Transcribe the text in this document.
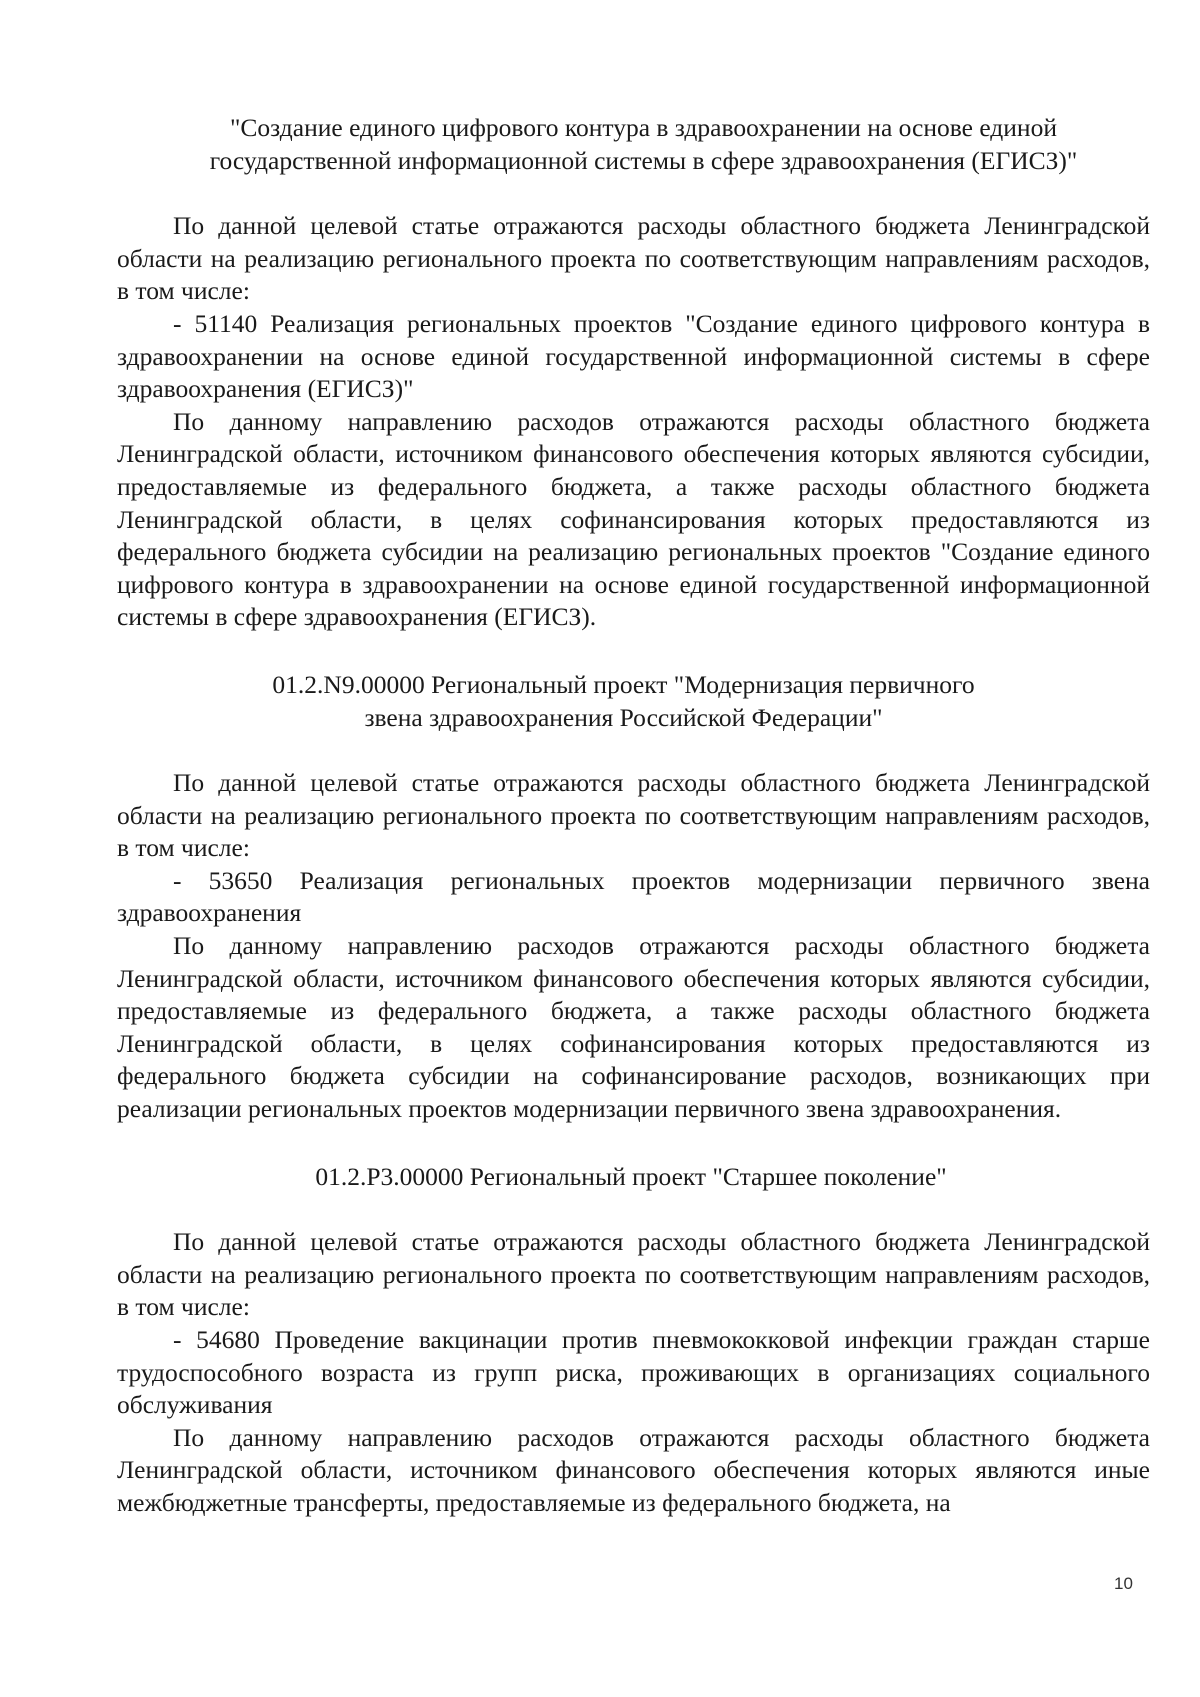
"Создание единого цифрового контура в здравоохранении на основе единой государственной информационной системы в сфере здравоохранения (ЕГИСЗ)"

По данной целевой статье отражаются расходы областного бюджета Ленинградской области на реализацию регионального проекта по соответствующим направлениям расходов, в том числе:

- 51140 Реализация региональных проектов "Создание единого цифрового контура в здравоохранении на основе единой государственной информационной системы в сфере здравоохранения (ЕГИСЗ)"

По данному направлению расходов отражаются расходы областного бюджета Ленинградской области, источником финансового обеспечения которых являются субсидии, предоставляемые из федерального бюджета, а также расходы областного бюджета Ленинградской области, в целях софинансирования которых предоставляются из федерального бюджета субсидии на реализацию региональных проектов "Создание единого цифрового контура в здравоохранении на основе единой государственной информационной системы в сфере здравоохранения (ЕГИСЗ).

01.2.N9.00000 Региональный проект "Модернизация первичного
звена здравоохранения Российской Федерации"

По данной целевой статье отражаются расходы областного бюджета Ленинградской области на реализацию регионального проекта по соответствующим направлениям расходов, в том числе:

- 53650 Реализация региональных проектов модернизации первичного звена здравоохранения

По данному направлению расходов отражаются расходы областного бюджета Ленинградской области, источником финансового обеспечения которых являются субсидии, предоставляемые из федерального бюджета, а также расходы областного бюджета Ленинградской области, в целях софинансирования которых предоставляются из федерального бюджета субсидии на софинансирование расходов, возникающих при реализации региональных проектов модернизации первичного звена здравоохранения.

01.2.P3.00000 Региональный проект "Старшее поколение"

По данной целевой статье отражаются расходы областного бюджета Ленинградской области на реализацию регионального проекта по соответствующим направлениям расходов, в том числе:

- 54680 Проведение вакцинации против пневмококковой инфекции граждан старше трудоспособного возраста из групп риска, проживающих в организациях социального обслуживания

По данному направлению расходов отражаются расходы областного бюджета Ленинградской области, источником финансового обеспечения которых являются иные межбюджетные трансферты, предоставляемые из федерального бюджета, на

10
